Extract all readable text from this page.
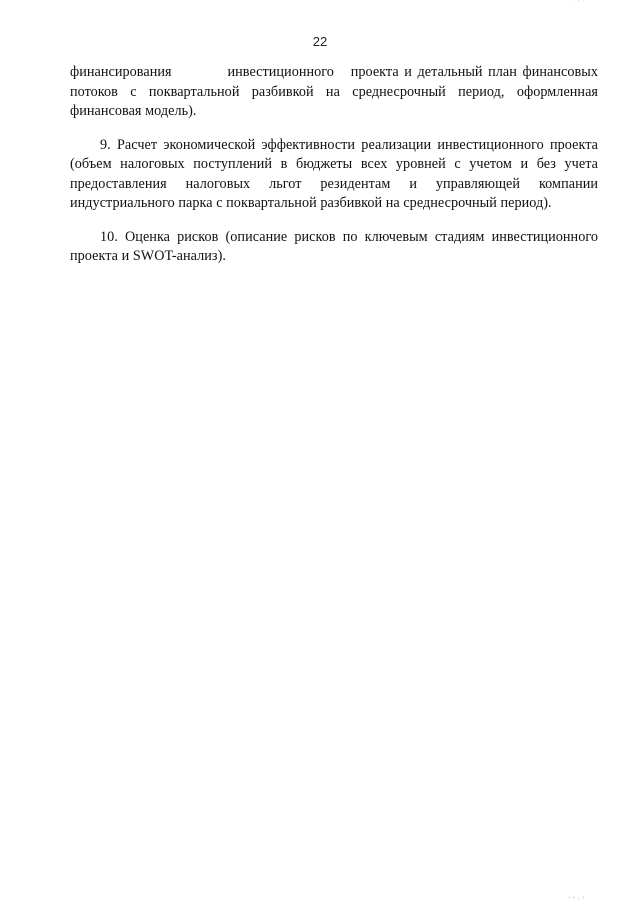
''·'
22

финансирования          инвестиционного   проекта и детальный план финансовых потоков с поквартальной разбивкой на среднесрочный период, оформленная финансовая модель).

9. Расчет экономической эффективности реализации инвестиционного проекта (объем налоговых поступлений в бюджеты всех уровней с учетом и без учета предоставления налоговых льгот резидентам и управляющей компании индустриального парка с поквартальной разбивкой на среднесрочный период).

10. Оценка рисков (описание рисков по ключевым стадиям инвестиционного проекта и SWOT-анализ).

''·'
